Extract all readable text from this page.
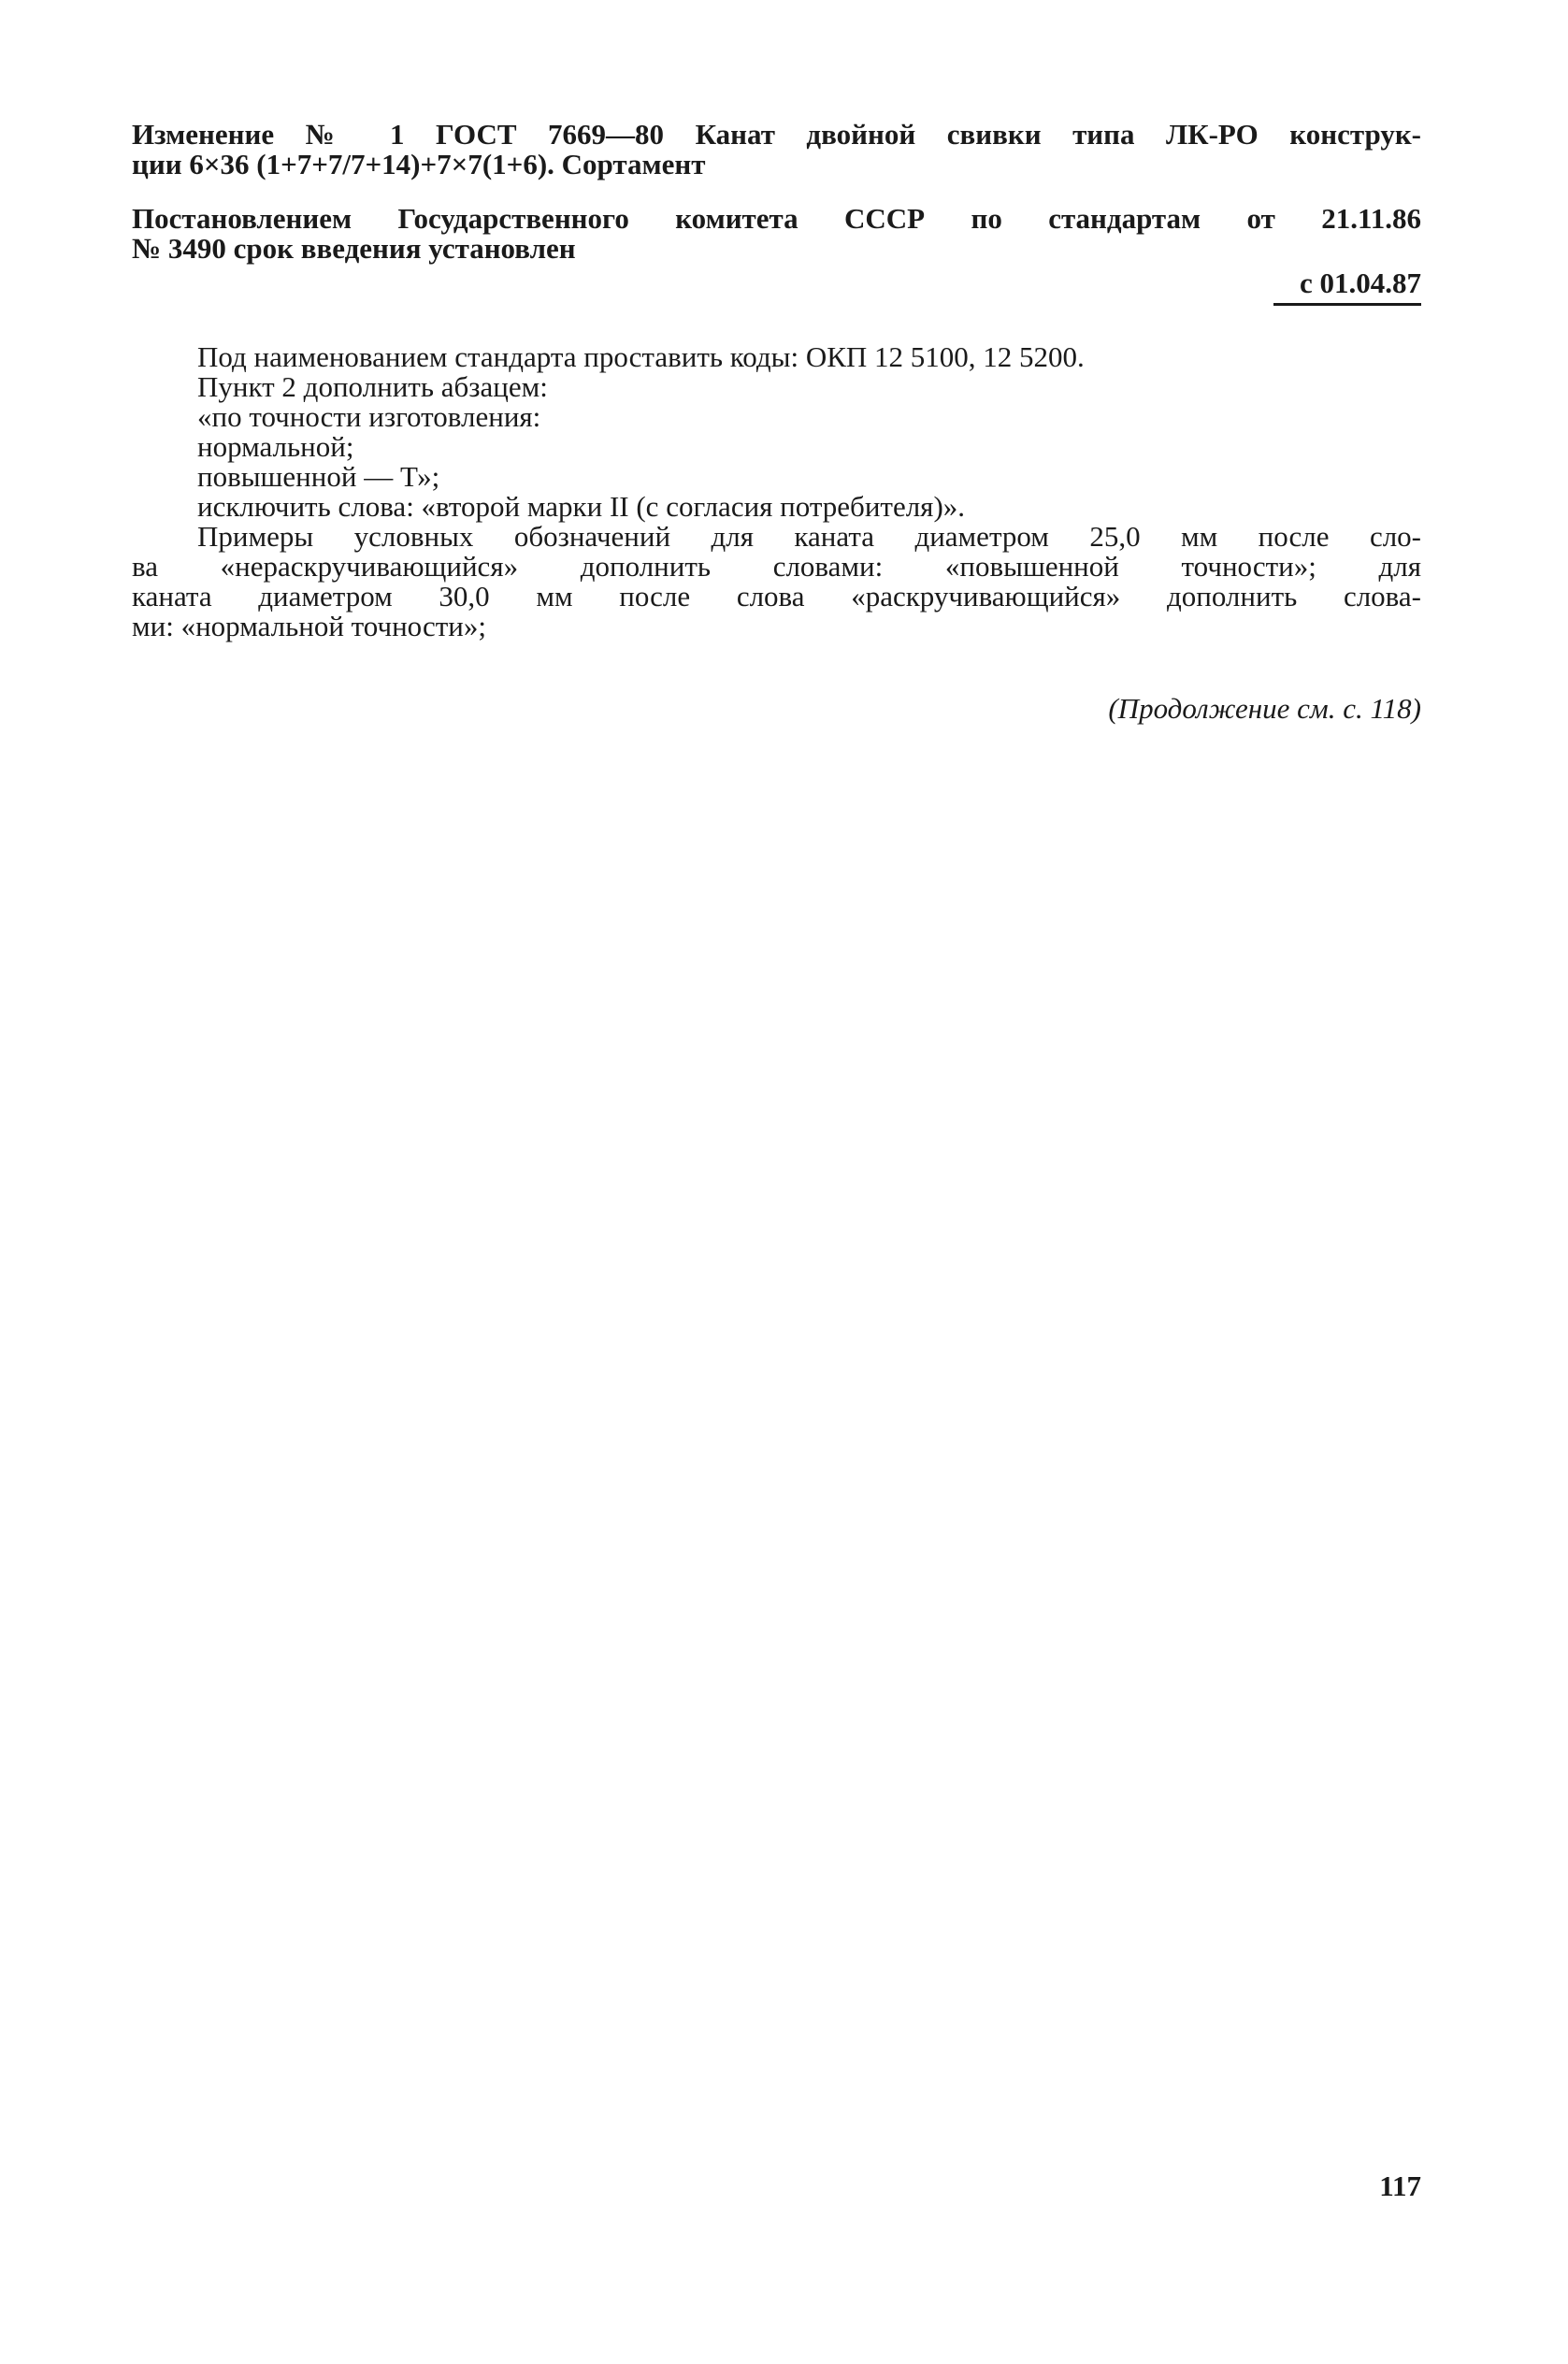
Изменение № 1 ГОСТ 7669—80 Канат двойной свивки типа ЛК-РО конструк-
ции 6×36 (1+7+7/7+14)+7×7(1+6). Сортамент
Постановлением Государственного комитета СССР по стандартам от 21.11.86
№ 3490 срок введения установлен
с 01.04.87
Под наименованием стандарта проставить коды: ОКП 12 5100, 12 5200.
Пункт 2 дополнить абзацем:
«по точности изготовления:
нормальной;
повышенной — Т»;
исключить слова: «второй марки II (с согласия потребителя)».
Примеры условных обозначений для каната диаметром 25,0 мм после сло-
ва «нераскручивающийся» дополнить словами: «повышенной точности»; для
каната диаметром 30,0 мм после слова «раскручивающийся» дополнить слова-
ми: «нормальной точности»;
(Продолжение см. с. 118)
117
